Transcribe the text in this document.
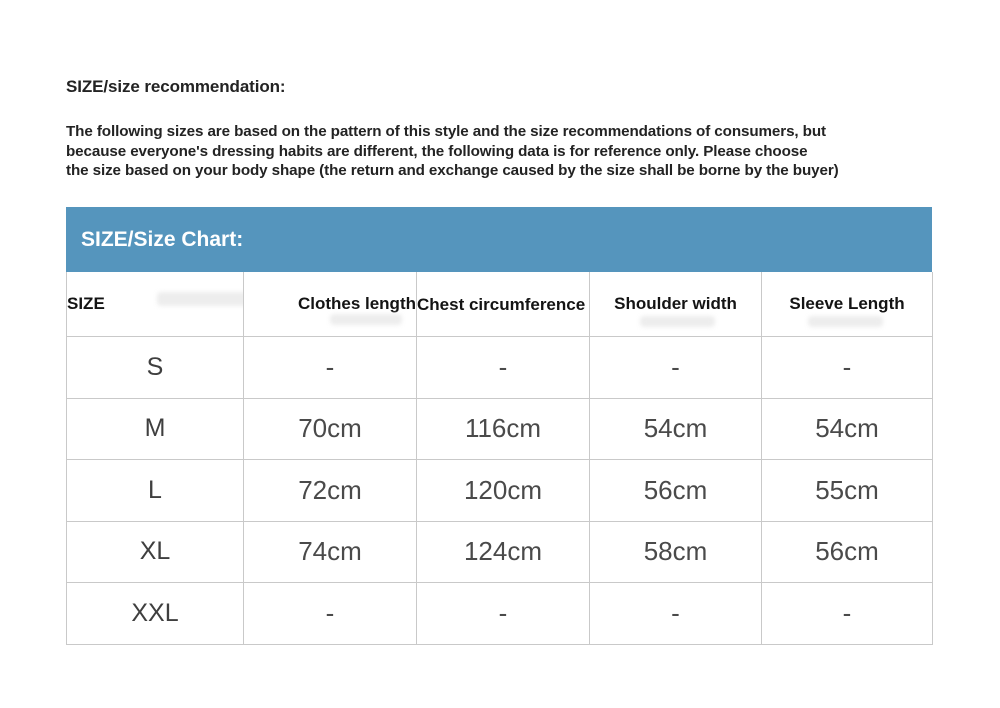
SIZE/size recommendation:

The following sizes are based on the pattern of this style and the size recommendations of consumers, but
because everyone's dressing habits are different, the following data is for reference only. Please choose
the size based on your body shape (the return and exchange caused by the size shall be borne by the buyer)
SIZE/Size Chart:
SIZE	Clothes length	Chest circumference	Shoulder width	Sleeve Length
S	-	-	-	-
M	70cm	116cm	54cm	54cm
L	72cm	120cm	56cm	55cm
XL	74cm	124cm	58cm	56cm
XXL	-	-	-	-
